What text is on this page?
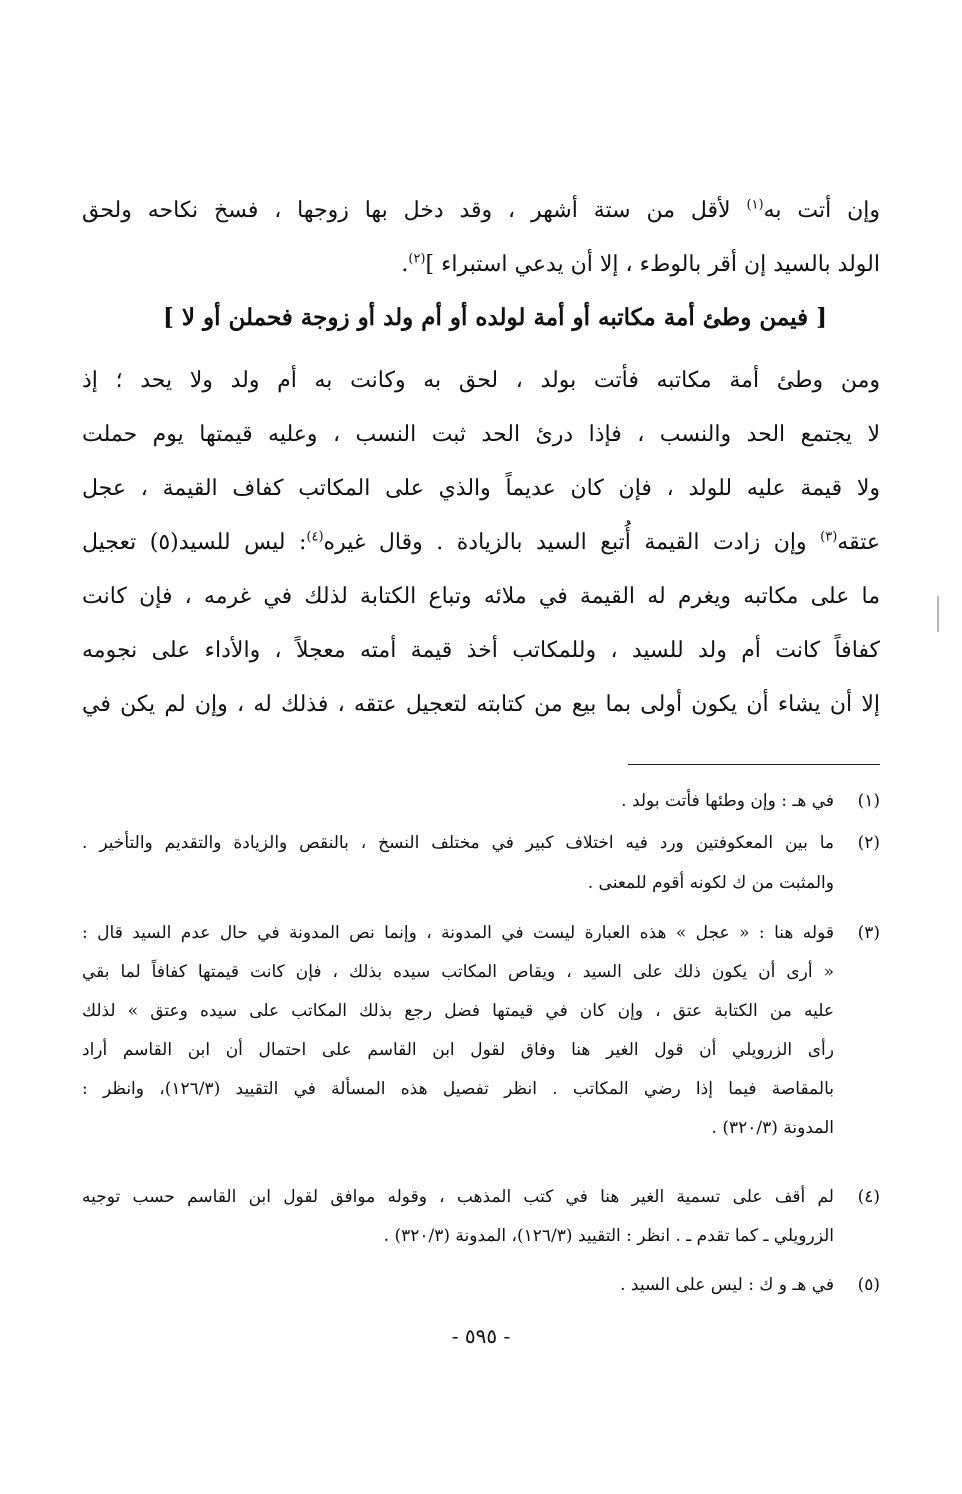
وإن أتت به$^{(١)}$ لأقل من ستة أشهر ، وقد دخل بها زوجها ، فسخ نكاحه ولحق
الولد بالسيد إن أقر بالوطء ، إلا أن يدعي استبراء ]$^{(٢)}$.
[ فيمن وطئ أمة مكاتبه أو أمة لولده أو أم ولد أو زوجة فحملن أو لا ]
ومن وطئ أمة مكاتبه فأتت بولد ، لحق به وكانت به أم ولد ولا يحد ؛ إذ
لا يجتمع الحد والنسب ، فإذا درئ الحد ثبت النسب ، وعليه قيمتها يوم حملت
ولا قيمة عليه للولد ، فإن كان عديماً والذي على المكاتب كفاف القيمة ، عجل
عتقه$^{(٣)}$ وإن زادت القيمة أُتبع السيد بالزيادة . وقال غيره$^{(٤)}$: ليس للسيد(٥) تعجيل
ما على مكاتبه ويغرم له القيمة في ملائه وتباع الكتابة لذلك في غرمه ، فإن كانت
كفافاً كانت أم ولد للسيد ، وللمكاتب أخذ قيمة أمته معجلاً ، والأداء على نجومه
إلا أن يشاء أن يكون أولى بما بيع من كتابته لتعجيل عتقه ، فذلك له ، وإن لم يكن في
(١)
في هـ : وإن وطئها فأتت بولد .
(٢)
ما بين المعكوفتين ورد فيه اختلاف كبير في مختلف النسخ ، بالنقص والزيادة والتقديم والتأخير .
والمثبت من ك لكونه أقوم للمعنى .
(٣)
قوله هنا : « عجل » هذه العبارة ليست في المدونة ، وإنما نص المدونة في حال عدم السيد قال :
« أرى أن يكون ذلك على السيد ، ويقاص المكاتب سيده بذلك ، فإن كانت قيمتها كفافاً لما بقي
عليه من الكتابة عتق ، وإن كان في قيمتها فضل رجع بذلك المكاتب على سيده وعتق » لذلك
رأى الزرويلي أن قول الغير هنا وفاق لقول ابن القاسم على احتمال أن ابن القاسم أراد
بالمقاصة فيما إذا رضي المكاتب . انظر تفصيل هذه المسألة في التقييد (١٢٦/٣)، وانظر :
المدونة (٣٢٠/٣) .
(٤)
لم أقف على تسمية الغير هنا في كتب المذهب ، وقوله موافق لقول ابن القاسم حسب توجيه
الزرويلي ـ كما تقدم ـ . انظر : التقييد (١٢٦/٣)، المدونة (٣٢٠/٣) .
(٥)
في هـ و ك : ليس على السيد .
- ٥٩٥ -
